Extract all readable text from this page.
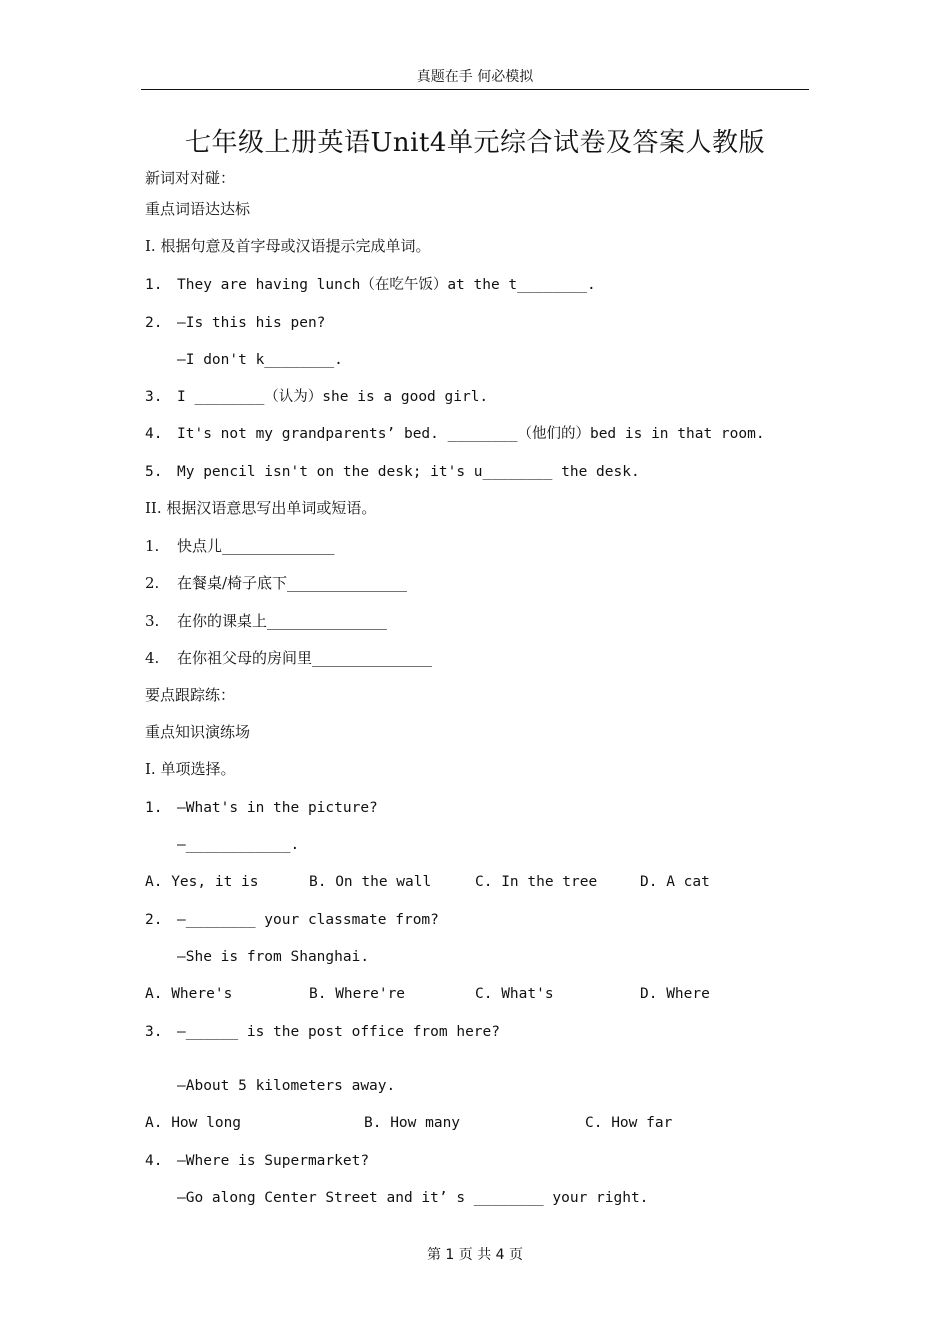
真题在手 何必模拟
七年级上册英语Unit4单元综合试卷及答案人教版
新词对对碰：
重点词语达达标
I. 根据句意及首字母或汉语提示完成单词。
1. They are having lunch（在吃午饭）at the t________.
2. —Is this his pen?
—I don't k________.
3. I ________（认为）she is a good girl.
4. It's not my grandparents’ bed. ________（他们的）bed is in that room.
5. My pencil isn't on the desk; it's u________ the desk.
II. 根据汉语意思写出单词或短语。
1. 快点儿_______________
2. 在餐桌/椅子底下________________
3. 在你的课桌上________________
4. 在你祖父母的房间里________________
要点跟踪练：
重点知识演练场
I. 单项选择。
1. —What's in the picture?
—____________.
A. Yes, it is	B. On the wall	C. In the tree	D. A cat
2. —________ your classmate from?
—She is from Shanghai.
A. Where's	B. Where're	C. What's	D. Where
3. —______ is the post office from here?
—About 5 kilometers away.
A. How long	B. How many	C. How far
4. —Where is Supermarket?
—Go along Center Street and it’ s ________ your right.
第 1 页 共 4 页
